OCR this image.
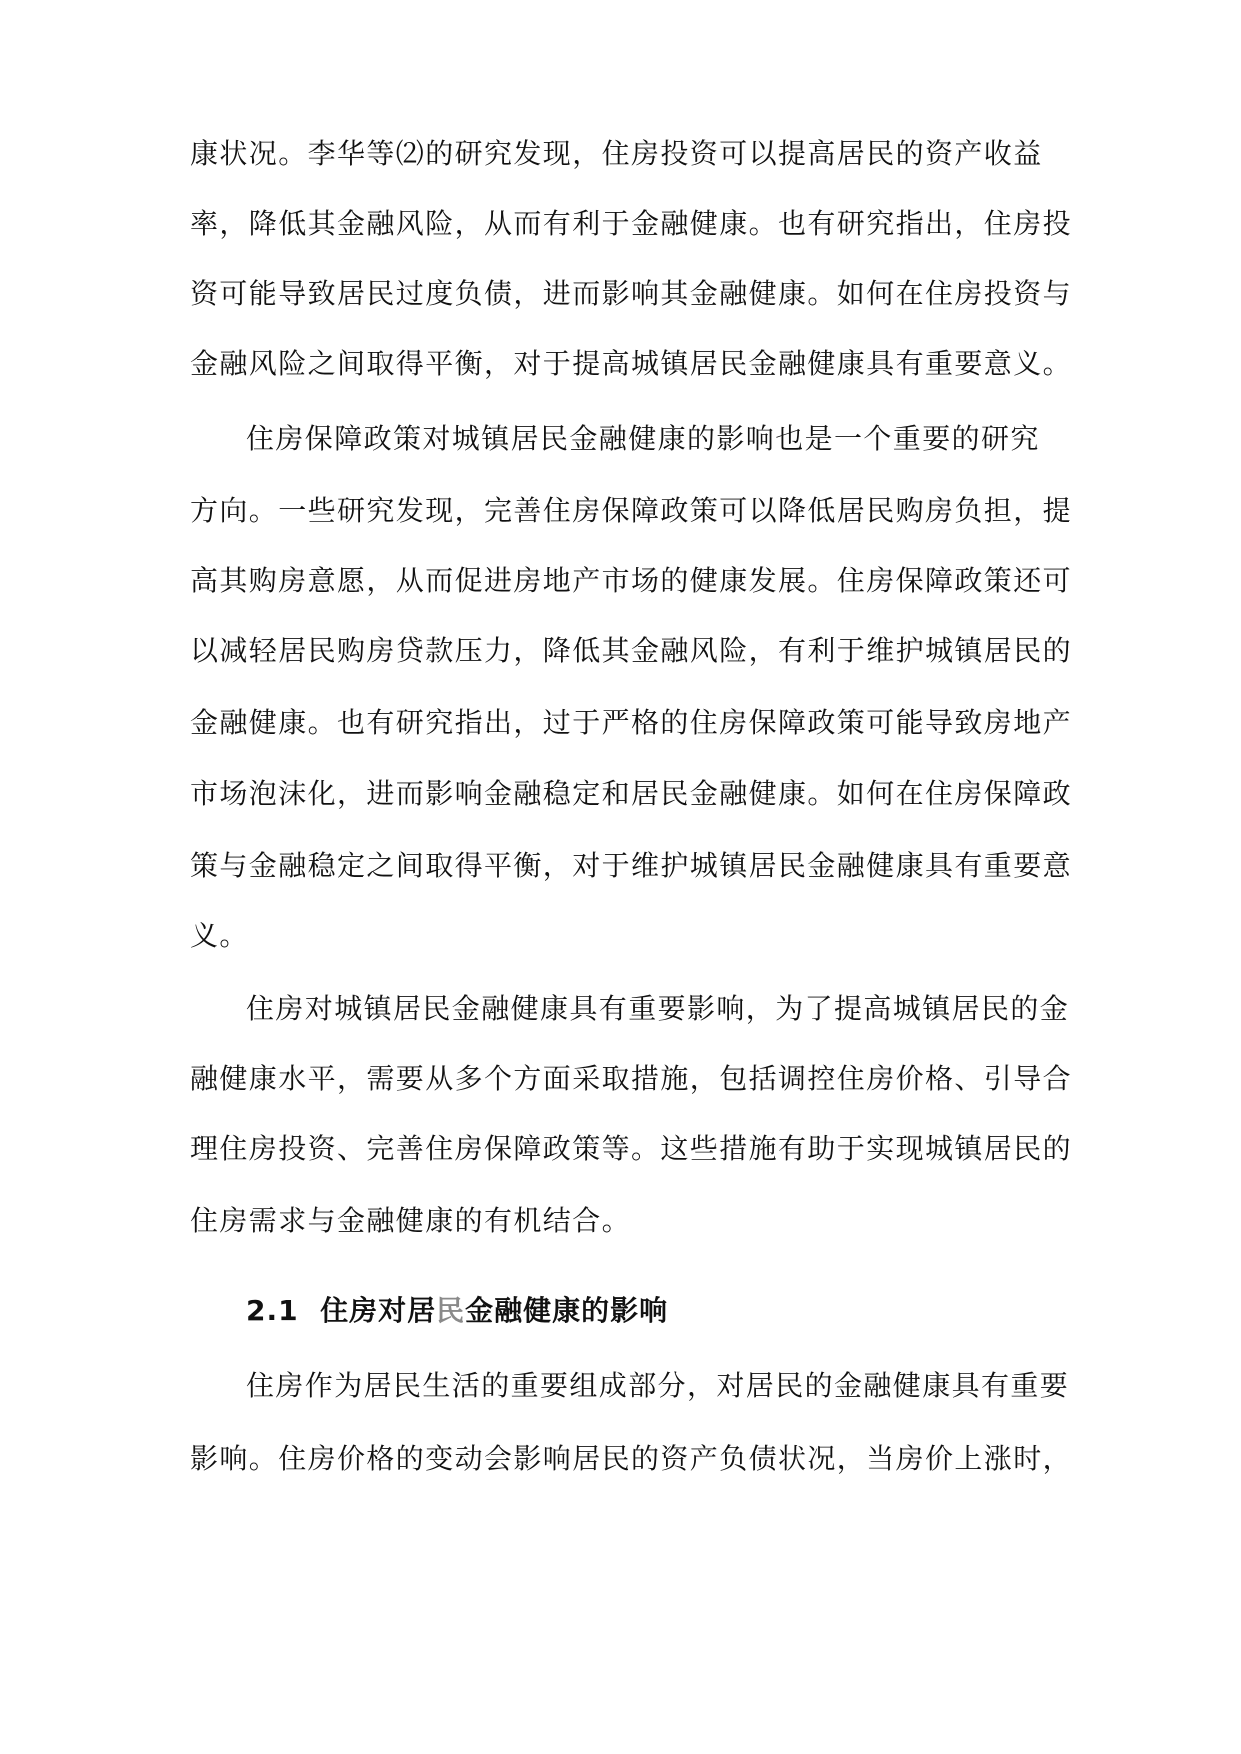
康状况。李华等⑵的研究发现，住房投资可以提高居民的资产收益
率，降低其金融风险，从而有利于金融健康。也有研究指出，住房投
资可能导致居民过度负债，进而影响其金融健康。如何在住房投资与
金融风险之间取得平衡，对于提高城镇居民金融健康具有重要意义。
住房保障政策对城镇居民金融健康的影响也是一个重要的研究
方向。一些研究发现，完善住房保障政策可以降低居民购房负担，提
高其购房意愿，从而促进房地产市场的健康发展。住房保障政策还可
以减轻居民购房贷款压力，降低其金融风险，有利于维护城镇居民的
金融健康。也有研究指出，过于严格的住房保障政策可能导致房地产
市场泡沫化，进而影响金融稳定和居民金融健康。如何在住房保障政
策与金融稳定之间取得平衡，对于维护城镇居民金融健康具有重要意
义。
住房对城镇居民金融健康具有重要影响，为了提高城镇居民的金
融健康水平，需要从多个方面采取措施，包括调控住房价格、引导合
理住房投资、完善住房保障政策等。这些措施有助于实现城镇居民的
住房需求与金融健康的有机结合。
2.1 住房对居民金融健康的影响
住房作为居民生活的重要组成部分，对居民的金融健康具有重要
影响。住房价格的变动会影响居民的资产负债状况，当房价上涨时，
